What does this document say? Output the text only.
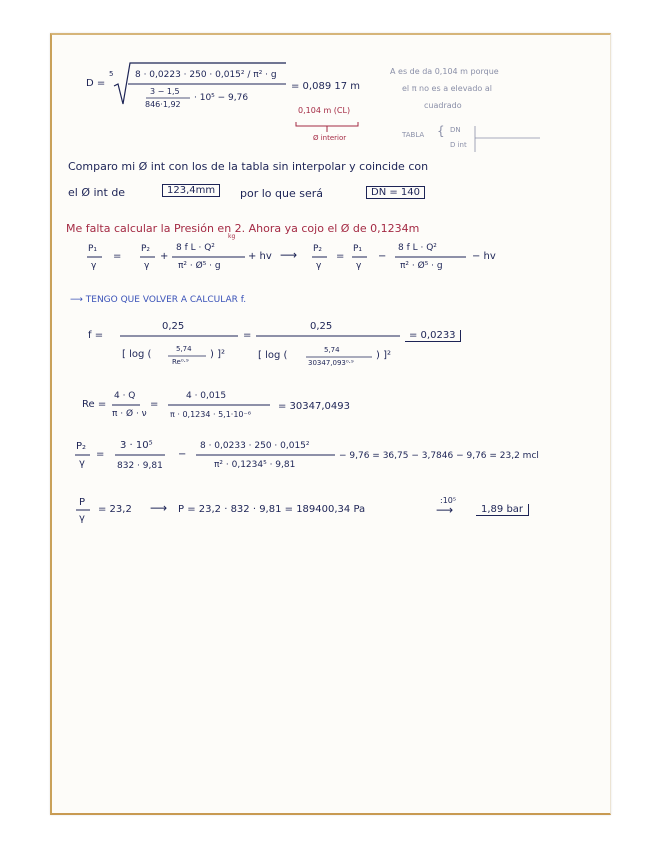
D =
5 8 · 0,0223 · 250 · 0,015² / π² · g
3 − 1,5
846·1,92
· 10⁵ − 9,76
= 0,089 17 m
0,104 m (CL)
Ø interior
A es de da 0,104 m porque
el π no es a elevado al
cuadrado
TABLA { DN
D int
Comparo mi Ø int con los de la tabla sin interpolar y coincide con
el Ø int de	123,4mm	por lo que será	DN = 140
Me falta calcular la Presión en 2. Ahora ya cojo el Ø de 0,1234m
P₁
γ
=
P₂
γ
+
8 f L · Q²
kg
π² · Ø⁵ · g
+ hv ⟶ P₂
γ
=
P₁
γ
−
8 f L · Q²
π² · Ø⁵ · g
− hv
⟶ TENGO QUE VOLVER A CALCULAR f.
f =
0,25
[ log (	5,74
Re⁰·⁹
) ]²
=
0,25
[ log (	5,74
30347,093⁰·⁹
) ]²
= 0,0233
Re =
4 · Q
π · Ø · ν
=
4 · 0,015
π · 0,1234 · 5,1·10⁻⁶
= 30347,0493
P₂
γ
=
3 · 10⁵
832 · 9,81
−
8 · 0,0233 · 250 · 0,015²
π² · 0,1234⁵ · 9,81
− 9,76 = 36,75 − 3,7846 − 9,76 = 23,2 mcl
P
γ
= 23,2 ⟶ P = 23,2 · 832 · 9,81 = 189400,34 Pa
:10⁵
⟶	1,89 bar
